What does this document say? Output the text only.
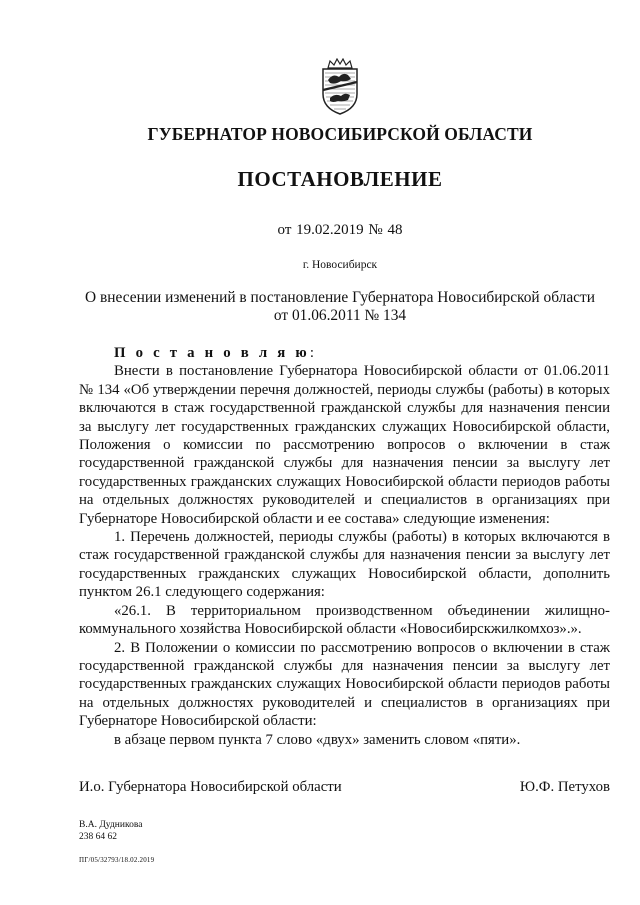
ГУБЕРНАТОР НОВОСИБИРСКОЙ ОБЛАСТИ
ПОСТАНОВЛЕНИЕ
от 19.02.2019 № 48
г. Новосибирск
О внесении изменений в постановление Губернатора Новосибирской области
от 01.06.2011 № 134

П о с т а н о в л я ю:

Внести в постановление Губернатора Новосибирской области от 01.06.2011 № 134 «Об утверждении перечня должностей, периоды службы (работы) в которых включаются в стаж государственной гражданской службы для назначения пенсии за выслугу лет государственных гражданских служащих Новосибирской области, Положения о комиссии по рассмотрению вопросов о включении в стаж государственной гражданской службы для назначения пенсии за выслугу лет государственных гражданских служащих Новосибирской области периодов работы на отдельных должностях руководителей и специалистов в организациях при Губернаторе Новосибирской области и ее состава» следующие изменения:

1. Перечень должностей, периоды службы (работы) в которых включаются в стаж государственной гражданской службы для назначения пенсии за выслугу лет государственных гражданских служащих Новосибирской области, дополнить пунктом 26.1 следующего содержания:

«26.1. В территориальном производственном объединении жилищно-коммунального хозяйства Новосибирской области «Новосибирскжилкомхоз».».

2. В Положении о комиссии по рассмотрению вопросов о включении в стаж государственной гражданской службы для назначения пенсии за выслугу лет государственных гражданских служащих Новосибирской области периодов работы на отдельных должностях руководителей и специалистов в организациях при Губернаторе Новосибирской области:

в абзаце первом пункта 7 слово «двух» заменить словом «пяти».

И.о. Губернатора Новосибирской области	Ю.Ф. Петухов
В.А. Дудникова
238 64 62
ПГ/05/32793/18.02.2019
